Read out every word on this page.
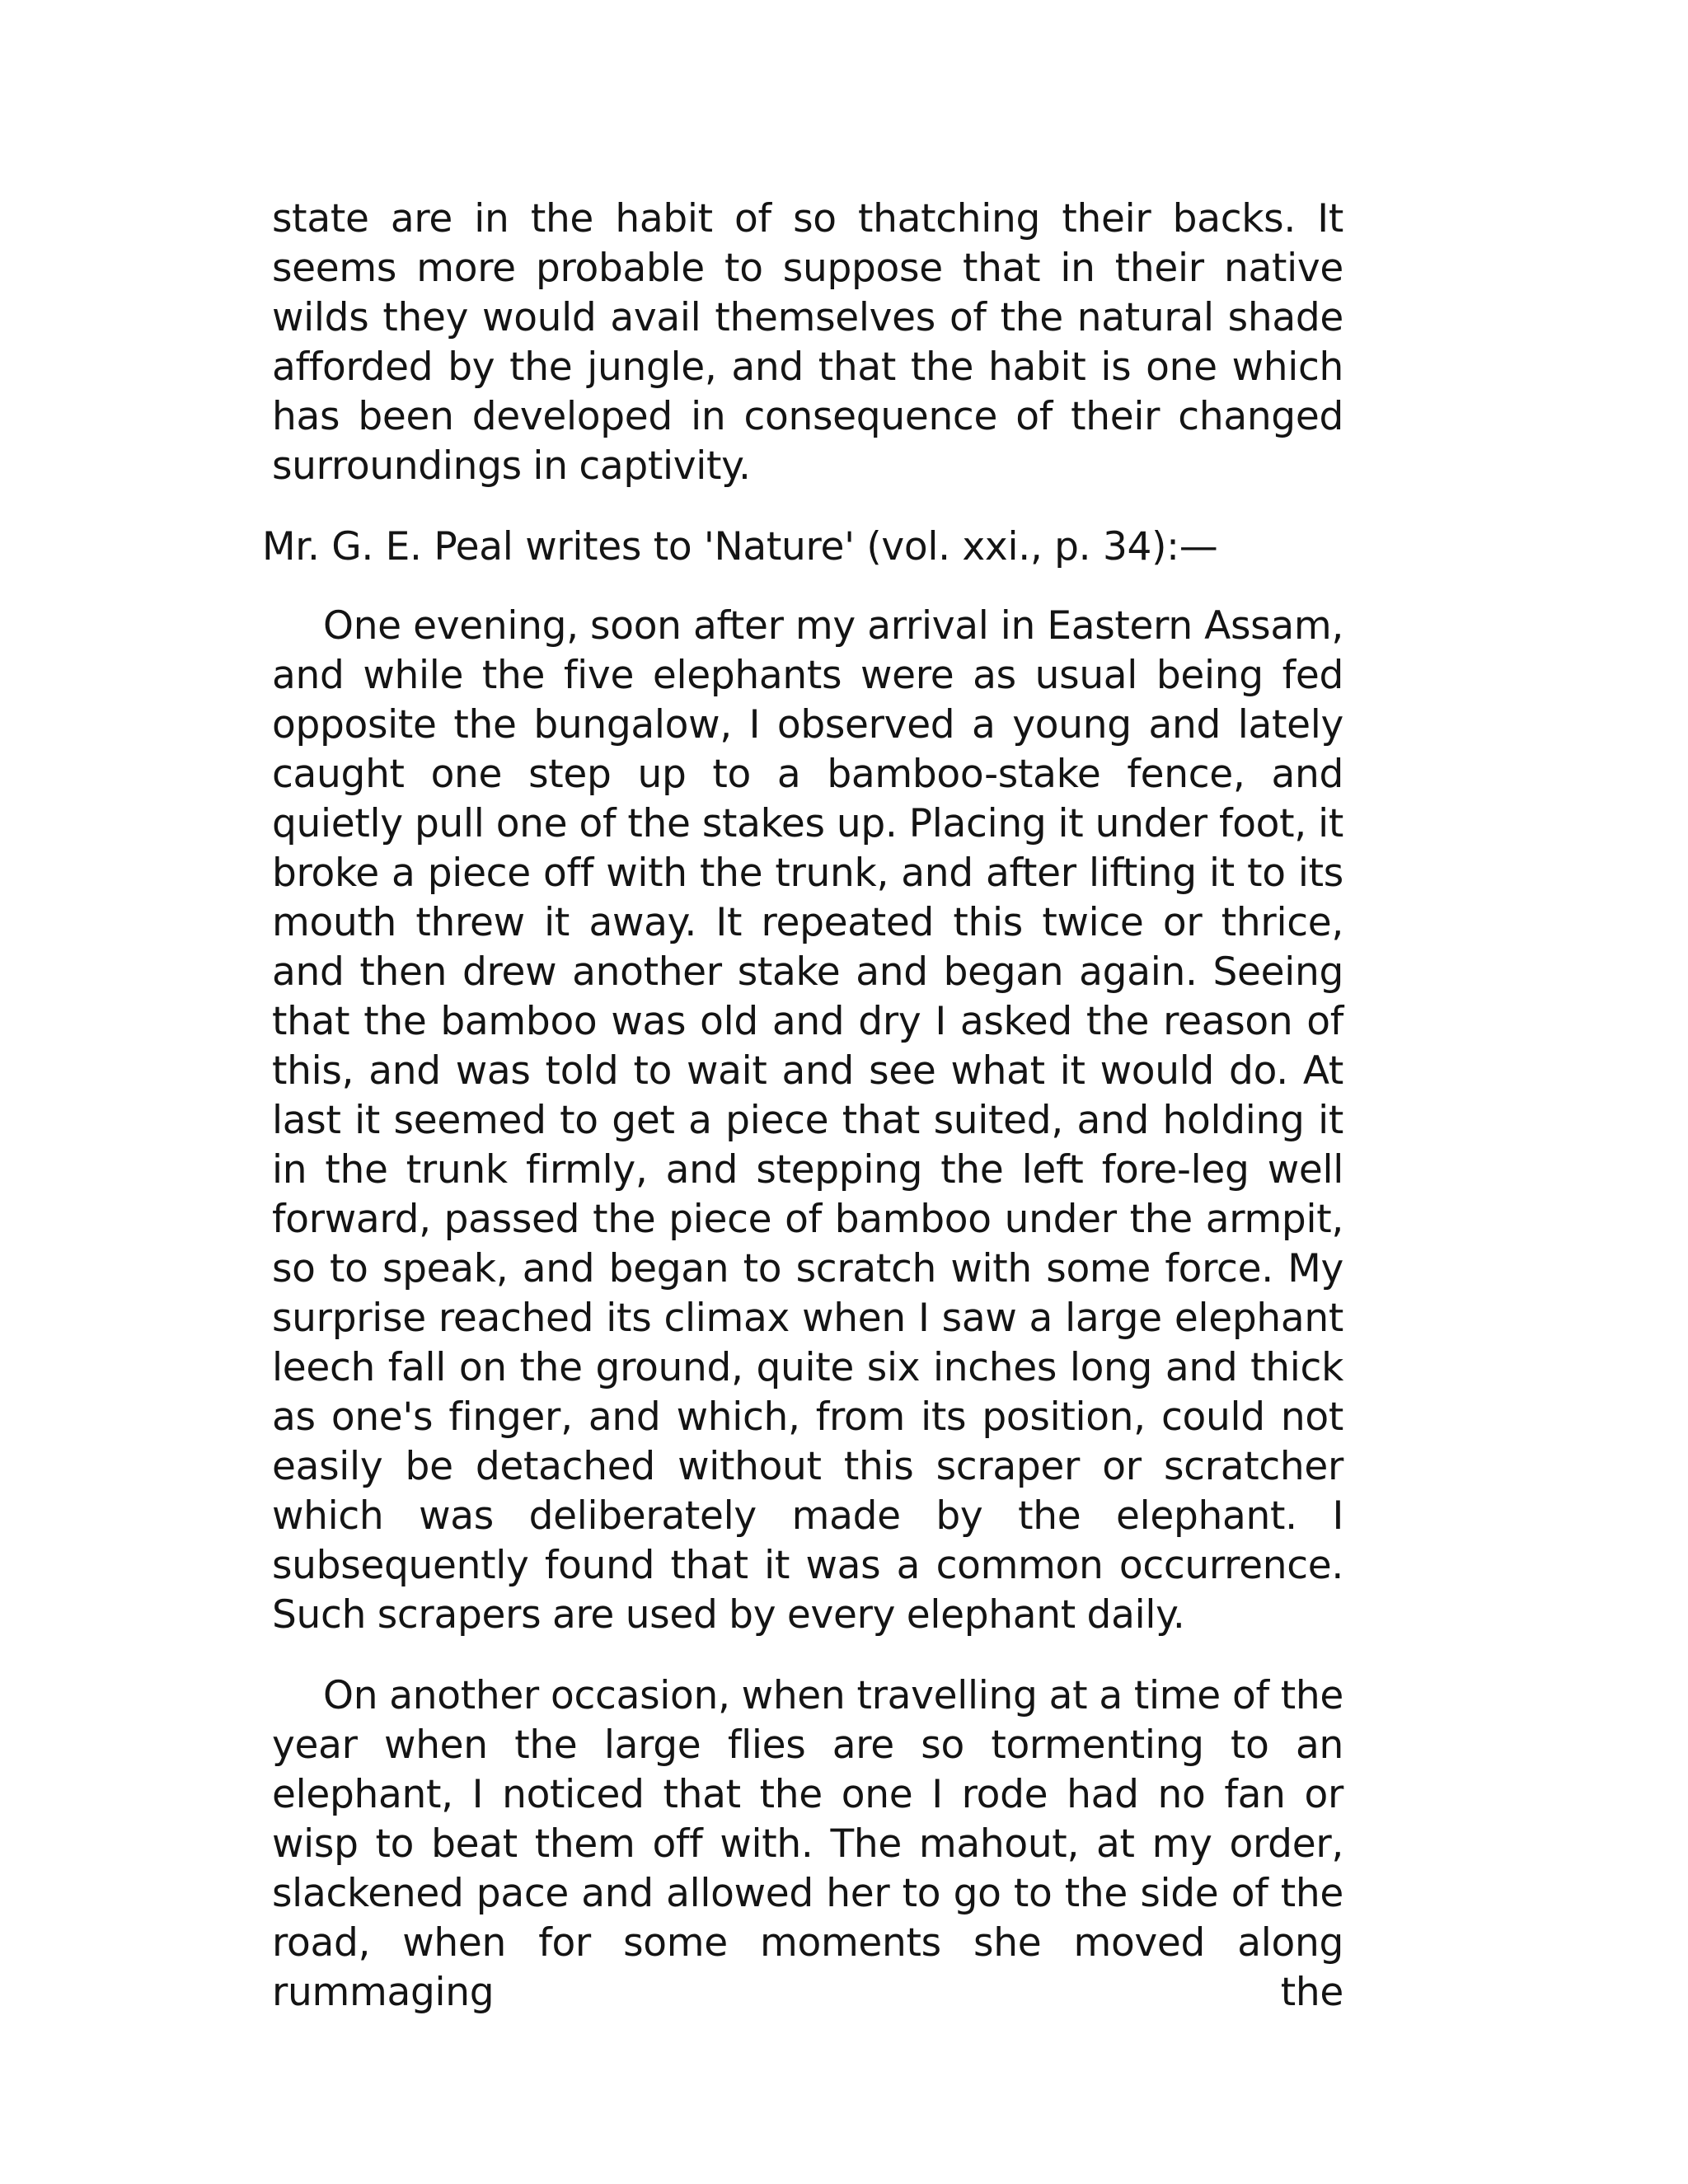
state are in the habit of so thatching their backs. It seems more probable to suppose that in their native wilds they would avail themselves of the natural shade afforded by the jungle, and that the habit is one which has been developed in consequence of their changed surroundings in captivity.

Mr. G. E. Peal writes to 'Nature' (vol. xxi., p. 34):—

One evening, soon after my arrival in Eastern Assam, and while the five elephants were as usual being fed opposite the bungalow, I observed a young and lately caught one step up to a bamboo-stake fence, and quietly pull one of the stakes up. Placing it under foot, it broke a piece off with the trunk, and after lifting it to its mouth threw it away. It repeated this twice or thrice, and then drew another stake and began again. Seeing that the bamboo was old and dry I asked the reason of this, and was told to wait and see what it would do. At last it seemed to get a piece that suited, and holding it in the trunk firmly, and stepping the left fore-leg well forward, passed the piece of bamboo under the armpit, so to speak, and began to scratch with some force. My surprise reached its climax when I saw a large elephant leech fall on the ground, quite six inches long and thick as one's finger, and which, from its position, could not easily be detached without this scraper or scratcher which was deliberately made by the elephant. I subsequently found that it was a common occurrence. Such scrapers are used by every elephant daily.

On another occasion, when travelling at a time of the year when the large flies are so tormenting to an elephant, I noticed that the one I rode had no fan or wisp to beat them off with. The mahout, at my order, slackened pace and allowed her to go to the side of the road, when for some moments she moved along rummaging the
